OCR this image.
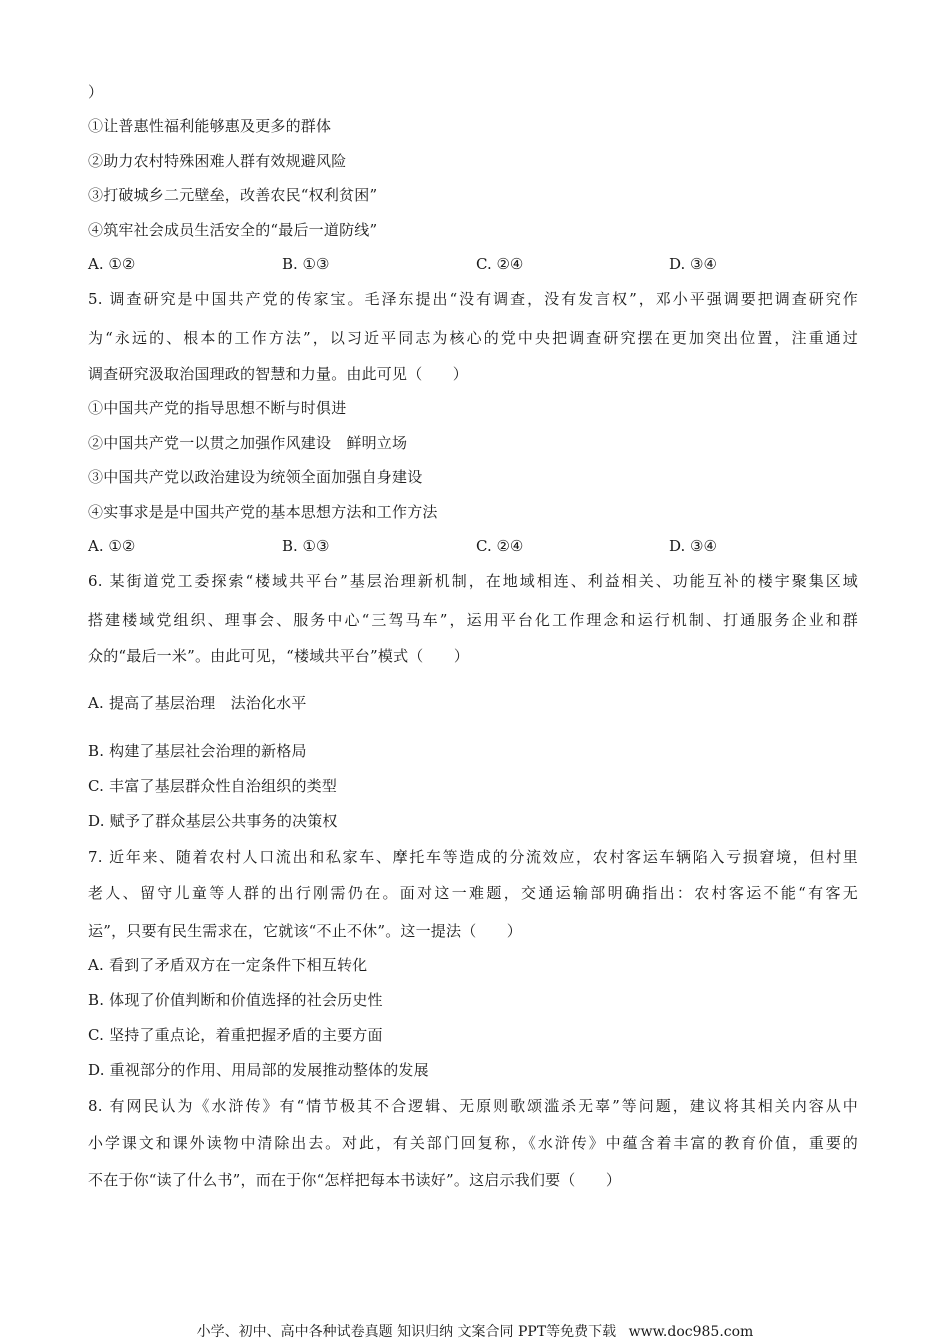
）
①让普惠性福利能够惠及更多的群体
②助力农村特殊困难人群有效规避风险
③打破城乡二元壁垒，改善农民“权利贫困”
④筑牢社会成员生活安全的“最后一道防线”
A. ①②	B. ①③	C. ②④	D. ③④
5. 调查研究是中国共产党的传家宝。毛泽东提出“没有调查，没有发言权”，邓小平强调要把调查研究作
为“永远的、根本的工作方法”，以习近平同志为核心的党中央把调查研究摆在更加突出位置，注重通过
调查研究汲取治国理政的智慧和力量。由此可见（　　）
①中国共产党的指导思想不断与时俱进
②中国共产党一以贯之加强作风建设　鲜明立场
③中国共产党以政治建设为统领全面加强自身建设
④实事求是是中国共产党的基本思想方法和工作方法
A. ①②	B. ①③	C. ②④	D. ③④
6. 某街道党工委探索“楼域共平台”基层治理新机制，在地域相连、利益相关、功能互补的楼宇聚集区域
搭建楼域党组织、理事会、服务中心“三驾马车”，运用平台化工作理念和运行机制、打通服务企业和群
众的“最后一米”。由此可见，“楼域共平台”模式（　　）
A. 提高了基层治理　法治化水平
B. 构建了基层社会治理的新格局
C. 丰富了基层群众性自治组织的类型
D. 赋予了群众基层公共事务的决策权
7. 近年来、随着农村人口流出和私家车、摩托车等造成的分流效应，农村客运车辆陷入亏损窘境，但村里
老人、留守儿童等人群的出行刚需仍在。面对这一难题，交通运输部明确指出：农村客运不能“有客无
运”，只要有民生需求在，它就该“不止不休”。这一提法（　　）
A. 看到了矛盾双方在一定条件下相互转化
B. 体现了价值判断和价值选择的社会历史性
C. 坚持了重点论，着重把握矛盾的主要方面
D. 重视部分的作用、用局部的发展推动整体的发展
8. 有网民认为《水浒传》有“情节极其不合逻辑、无原则歌颂滥杀无辜”等问题，建议将其相关内容从中
小学课文和课外读物中清除出去。对此，有关部门回复称，《水浒传》中蕴含着丰富的教育价值，重要的
不在于你“读了什么书”，而在于你“怎样把每本书读好”。这启示我们要（　　）
小学、初中、高中各种试卷真题 知识归纳 文案合同 PPT等免费下载 www.doc985.com
